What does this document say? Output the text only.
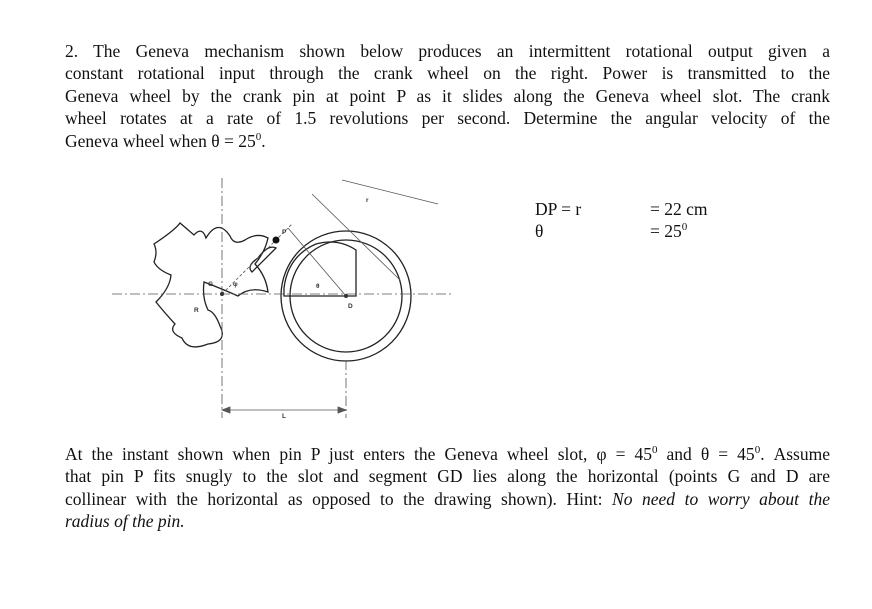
2. The Geneva mechanism shown below produces an intermittent rotational output given a
constant rotational input through the crank wheel on the right. Power is transmitted to the
Geneva wheel by the crank pin at point P as it slides along the Geneva wheel slot. The crank
wheel rotates at a rate of 1.5 revolutions per second. Determine the angular velocity of the
Geneva wheel when $\theta = 25^0$.
DP = r	= 22 cm
θ	= $25^0$
G	φ
P
θ
D
r
R
L
At the instant shown when pin P just enters the Geneva wheel slot, $\varphi = 45^0$ and $\theta = 45^0$. Assume
that pin P fits snugly to the slot and segment GD lies along the horizontal (points G and D are
collinear with the horizontal as opposed to the drawing shown). Hint: No need to worry about the
radius of the pin.
